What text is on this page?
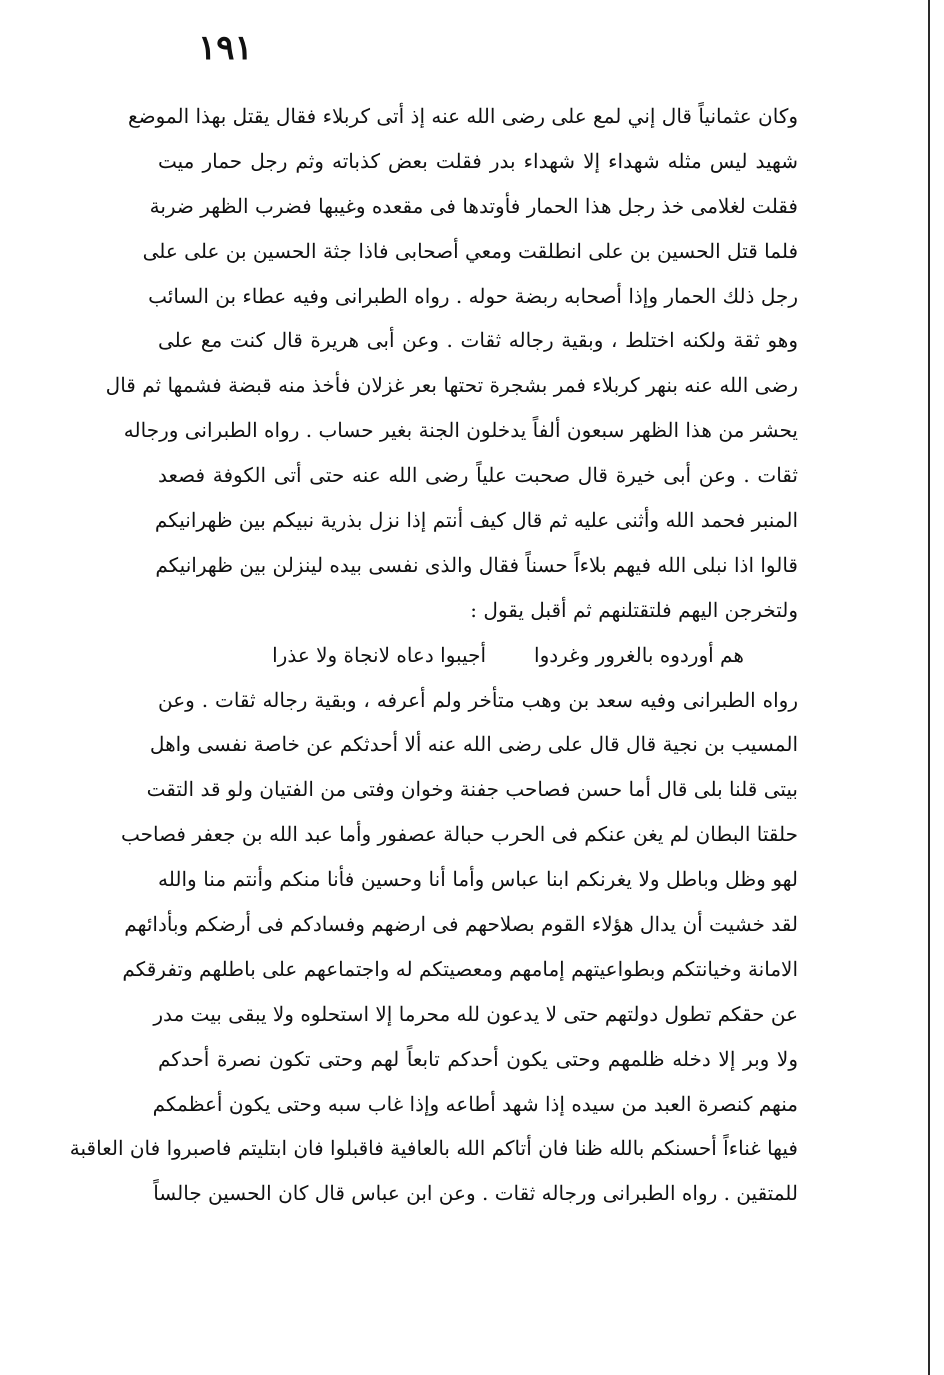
١٩١
وكان عثمانياً قال إني لمع على رضى الله عنه إذ أتى كربلاء فقال يقتل بهذا الموضع
شهيد ليس مثله شهداء إلا شهداء بدر فقلت بعض كذباته وثم رجل حمار ميت
فقلت لغلامى خذ رجل هذا الحمار فأوتدها فى مقعده وغيبها فضرب الظهر ضربة
فلما قتل الحسين بن على انطلقت ومعي أصحابى فاذا جثة الحسين بن على على
رجل ذلك الحمار وإذا أصحابه ربضة حوله . رواه الطبرانى وفيه عطاء بن السائب
وهو ثقة ولكنه اختلط ، وبقية رجاله ثقات . وعن أبى هريرة قال كنت مع على
رضى الله عنه بنهر كربلاء فمر بشجرة تحتها بعر غزلان فأخذ منه قبضة فشمها ثم قال
يحشر من هذا الظهر سبعون ألفاً يدخلون الجنة بغير حساب . رواه الطبرانى ورجاله
ثقات . وعن أبى خيرة قال صحبت علياً رضى الله عنه حتى أتى الكوفة فصعد
المنبر فحمد الله وأثنى عليه ثم قال كيف أنتم إذا نزل بذرية نبيكم بين ظهرانيكم
قالوا اذا نبلى الله فيهم بلاءاً حسناً فقال والذى نفسى بيده لينزلن بين ظهرانيكم
ولتخرجن اليهم فلتقتلنهم ثم أقبل يقول :
هم أوردوه بالغرور وغردوا
أجيبوا دعاه لانجاة ولا عذرا
رواه الطبرانى وفيه سعد بن وهب متأخر ولم أعرفه ، وبقية رجاله ثقات . وعن
المسيب بن نجية قال قال على رضى الله عنه ألا أحدثكم عن خاصة نفسى واهل
بيتى قلنا بلى قال أما حسن فصاحب جفنة وخوان وفتى من الفتيان ولو قد التقت
حلقتا البطان لم يغن عنكم فى الحرب حبالة عصفور وأما عبد الله بن جعفر فصاحب
لهو وظل وباطل ولا يغرنكم ابنا عباس وأما أنا وحسين فأنا منكم وأنتم منا والله
لقد خشيت أن يدال هؤلاء القوم بصلاحهم فى ارضهم وفسادكم فى أرضكم وبأدائهم
الامانة وخيانتكم وبطواعيتهم إمامهم ومعصيتكم له واجتماعهم على باطلهم وتفرقكم
عن حقكم تطول دولتهم حتى لا يدعون لله محرما إلا استحلوه ولا يبقى بيت مدر
ولا وبر إلا دخله ظلمهم وحتى يكون أحدكم تابعاً لهم وحتى تكون نصرة أحدكم
منهم كنصرة العبد من سيده إذا شهد أطاعه وإذا غاب سبه وحتى يكون أعظمكم
فيها غناءاً أحسنكم بالله ظنا فان أتاكم الله بالعافية فاقبلوا فان ابتليتم فاصبروا فان العاقبة
للمتقين . رواه الطبرانى ورجاله ثقات . وعن ابن عباس قال كان الحسين جالساً
